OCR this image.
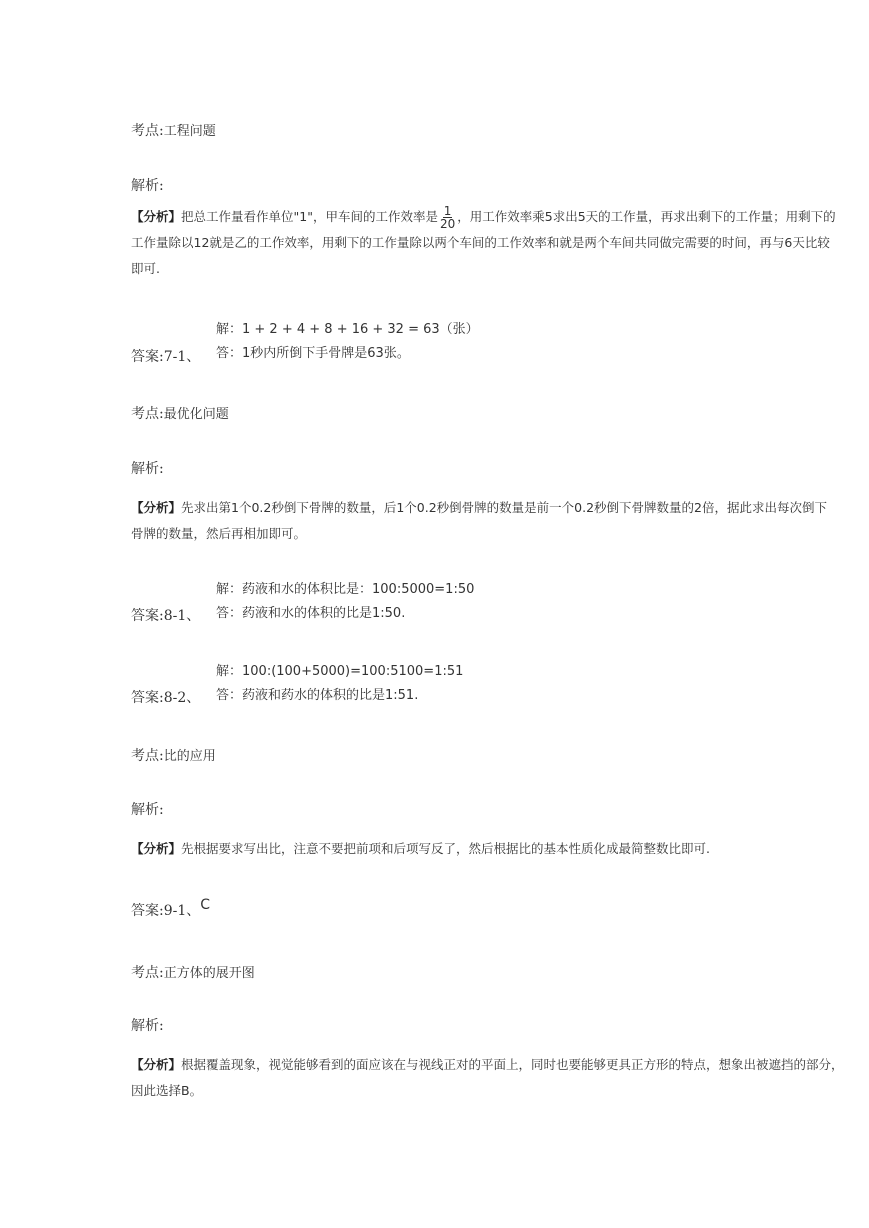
考点:工程问题
解析:
【分析】把总工作量看作单位"1"，甲车间的工作效率是 $\frac{1}{20}$ ，用工作效率乘5求出5天的工作量，再求出剩下的工作量；用剩下的工作量除以12就是乙的工作效率，用剩下的工作量除以两个车间的工作效率和就是两个车间共同做完需要的时间，再与6天比较即可.
解：1 + 2 + 4 + 8 + 16 + 32 = 63（张）
答案:7-1、 答：1秒内所倒下手骨牌是63张。
考点:最优化问题
解析:
【分析】先求出第1个0.2秒倒下骨牌的数量，后1个0.2秒倒骨牌的数量是前一个0.2秒倒下骨牌数量的2倍，据此求出每次倒下骨牌的数量，然后再相加即可。
解：药液和水的体积比是：100:5000=1:50
答案:8-1、 答：药液和水的体积的比是1:50.
解：100:(100+5000)=100:5100=1:51
答案:8-2、 答：药液和药水的体积的比是1:51.
考点:比的应用
解析:
【分析】先根据要求写出比，注意不要把前项和后项写反了，然后根据比的基本性质化成最简整数比即可.
答案:9-1、C
考点:正方体的展开图
解析:
【分析】根据覆盖现象，视觉能够看到的面应该在与视线正对的平面上，同时也要能够更具正方形的特点，想象出被遮挡的部分，因此选择B。
